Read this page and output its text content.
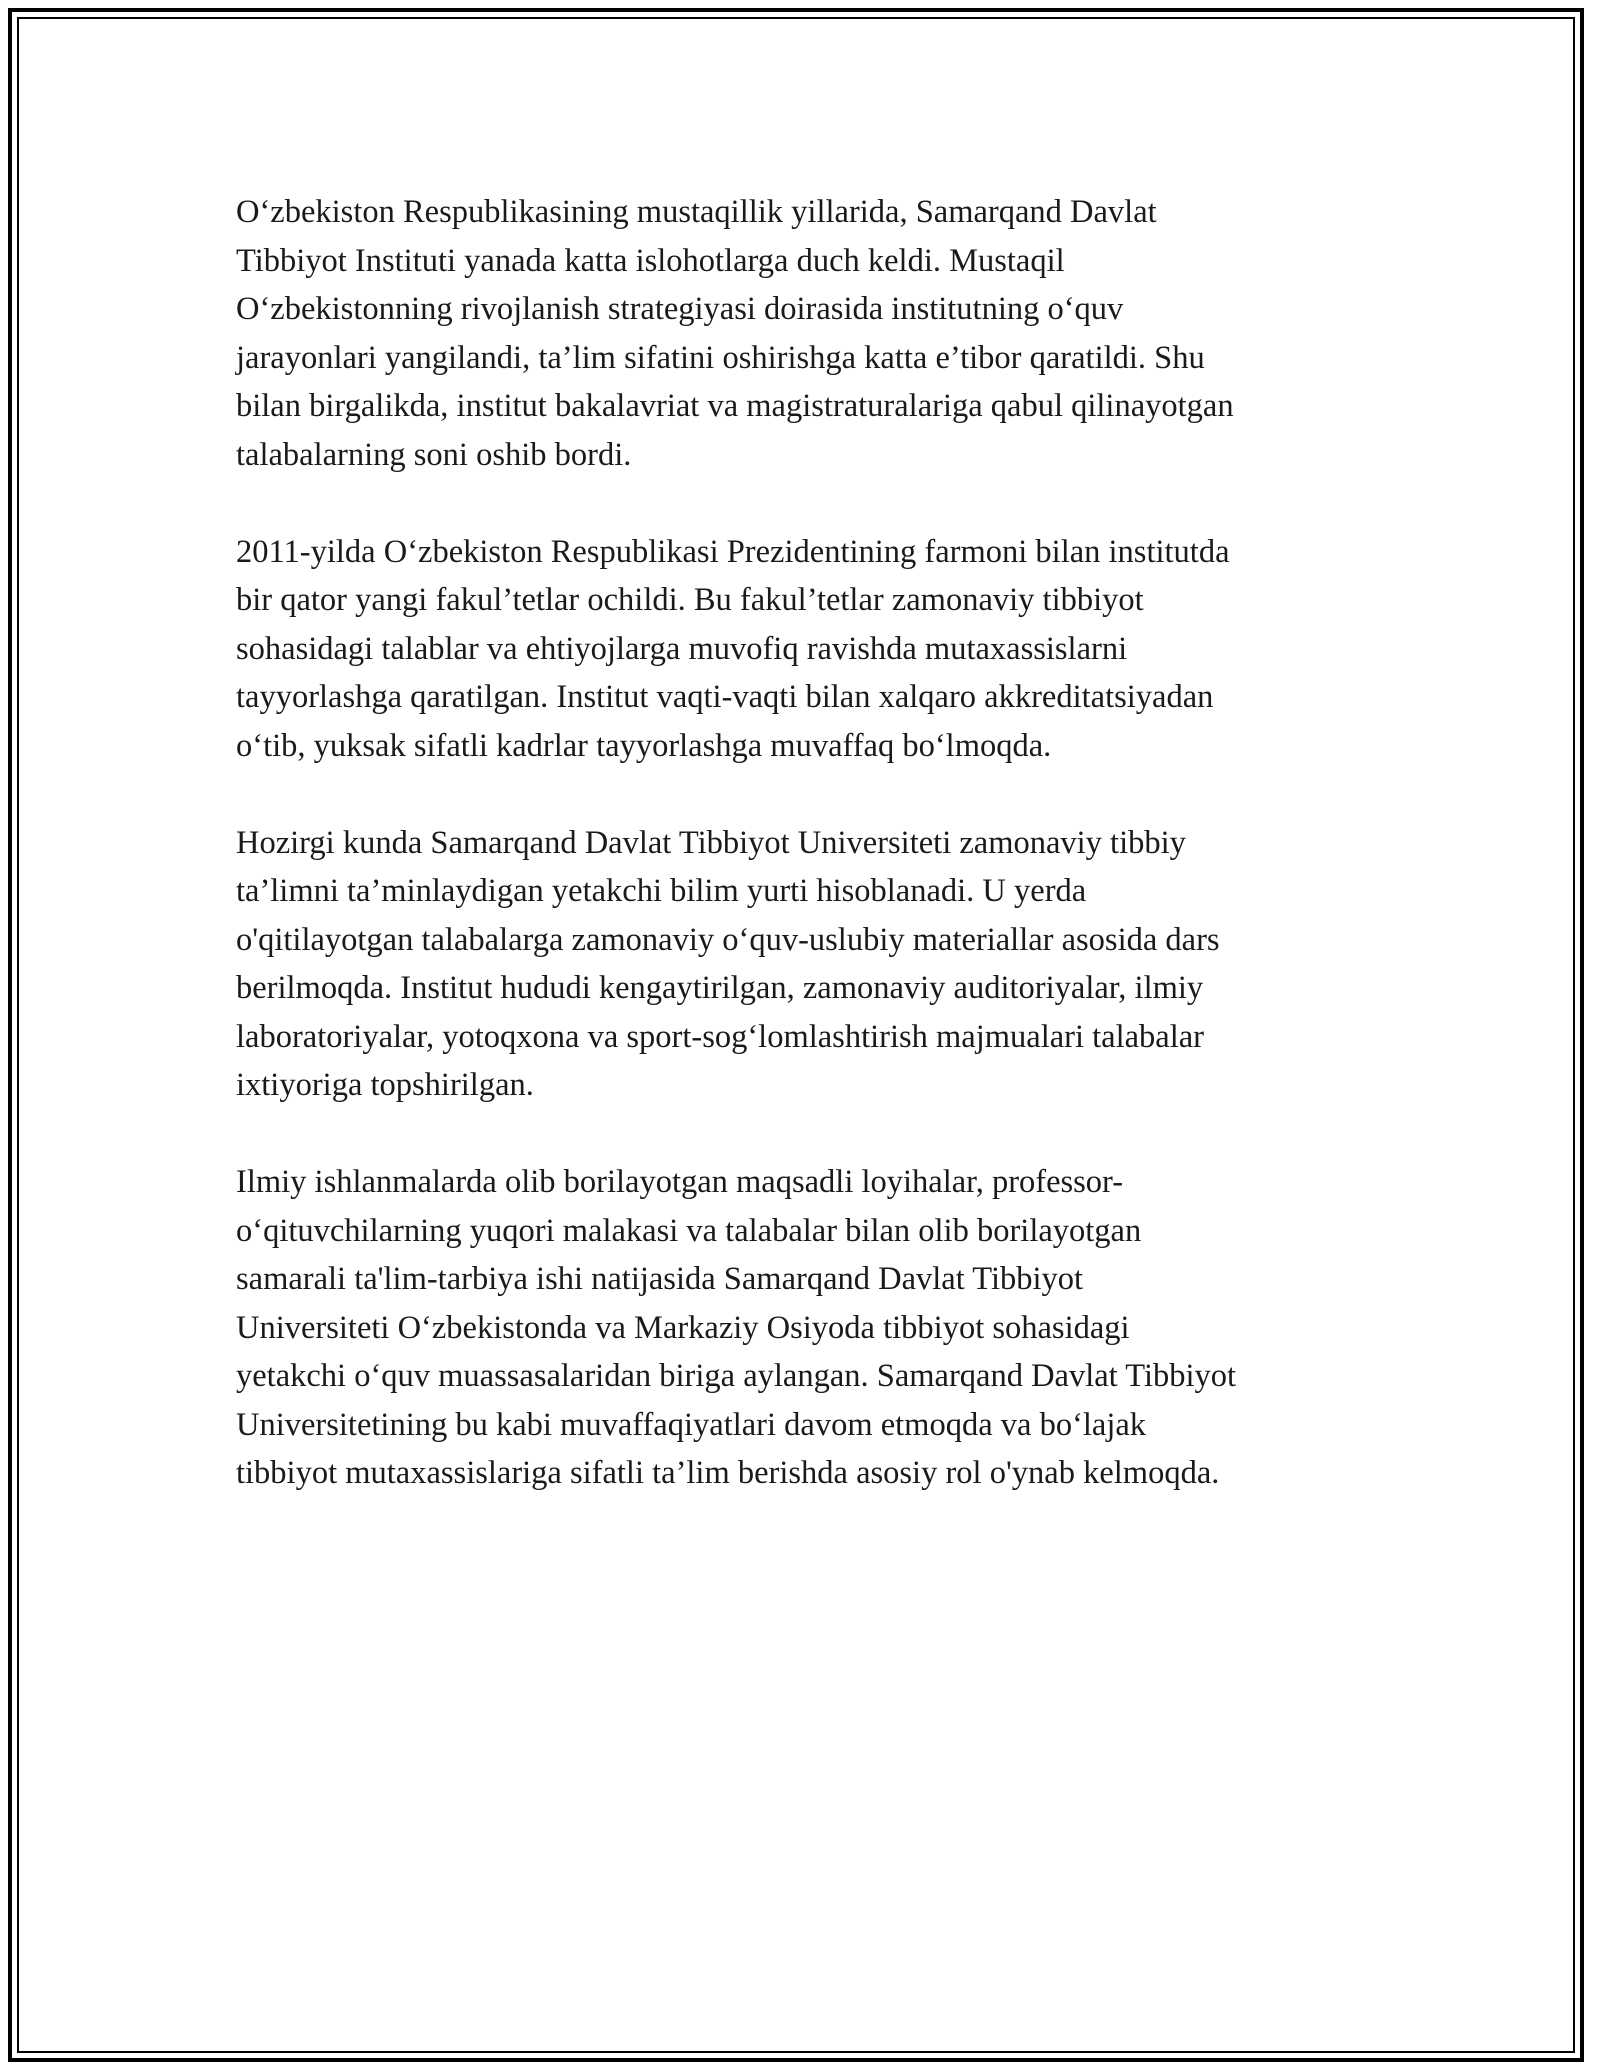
O‘zbekiston Respublikasining mustaqillik yillarida, Samarqand Davlat
Tibbiyot Instituti yanada katta islohotlarga duch keldi. Mustaqil
O‘zbekistonning rivojlanish strategiyasi doirasida institutning o‘quv
jarayonlari yangilandi, ta’lim sifatini oshirishga katta e’tibor qaratildi. Shu
bilan birgalikda, institut bakalavriat va magistraturalariga qabul qilinayotgan
talabalarning soni oshib bordi.

2011-yilda O‘zbekiston Respublikasi Prezidentining farmoni bilan institutda
bir qator yangi fakul’tetlar ochildi. Bu fakul’tetlar zamonaviy tibbiyot
sohasidagi talablar va ehtiyojlarga muvofiq ravishda mutaxassislarni
tayyorlashga qaratilgan. Institut vaqti-vaqti bilan xalqaro akkreditatsiyadan
o‘tib, yuksak sifatli kadrlar tayyorlashga muvaffaq bo‘lmoqda.

Hozirgi kunda Samarqand Davlat Tibbiyot Universiteti zamonaviy tibbiy
ta’limni ta’minlaydigan yetakchi bilim yurti hisoblanadi. U yerda
o'qitilayotgan talabalarga zamonaviy o‘quv-uslubiy materiallar asosida dars
berilmoqda. Institut hududi kengaytirilgan, zamonaviy auditoriyalar, ilmiy
laboratoriyalar, yotoqxona va sport-sog‘lomlashtirish majmualari talabalar
ixtiyoriga topshirilgan.

Ilmiy ishlanmalarda olib borilayotgan maqsadli loyihalar, professor-
o‘qituvchilarning yuqori malakasi va talabalar bilan olib borilayotgan
samarali ta'lim-tarbiya ishi natijasida Samarqand Davlat Tibbiyot
Universiteti O‘zbekistonda va Markaziy Osiyoda tibbiyot sohasidagi
yetakchi o‘quv muassasalaridan biriga aylangan. Samarqand Davlat Tibbiyot
Universitetining bu kabi muvaffaqiyatlari davom etmoqda va bo‘lajak
tibbiyot mutaxassislariga sifatli ta’lim berishda asosiy rol o'ynab kelmoqda.
